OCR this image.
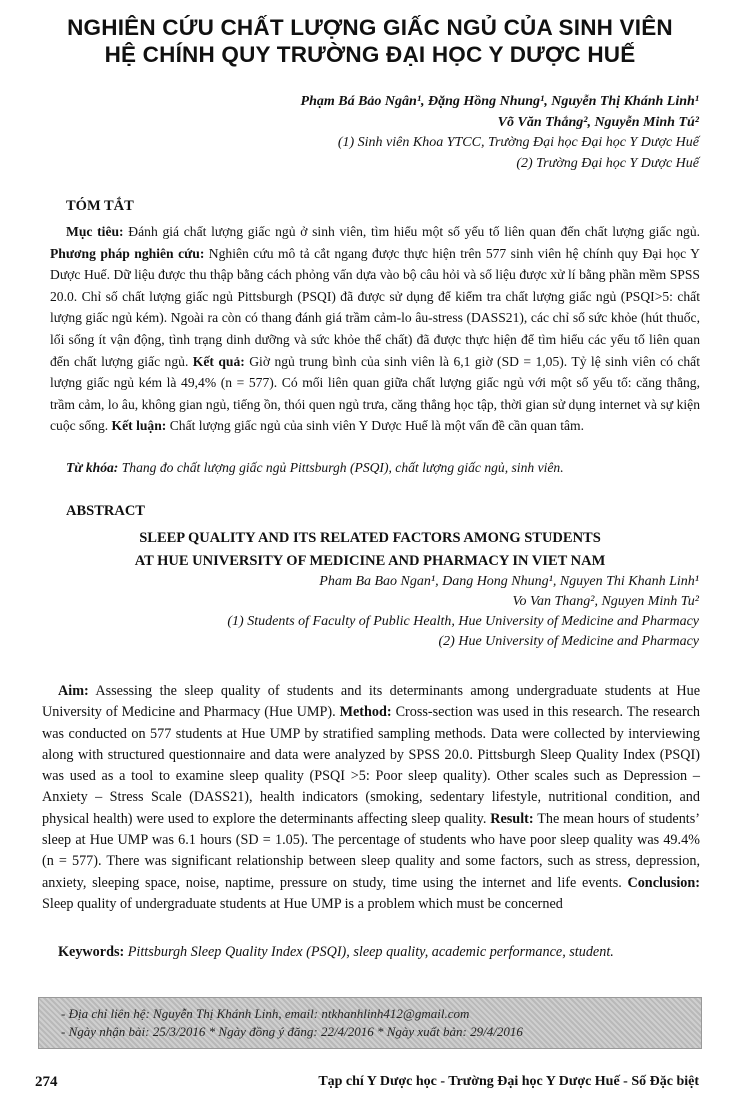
NGHIÊN CỨU CHẤT LƯỢNG GIẤC NGỦ CỦA SINH VIÊN
HỆ CHÍNH QUY TRƯỜNG ĐẠI HỌC Y DƯỢC HUẾ
Phạm Bá Bảo Ngân¹, Đặng Hồng Nhung¹, Nguyễn Thị Khánh Linh¹
Võ Văn Thắng², Nguyễn Minh Tú²
(1) Sinh viên Khoa YTCC, Trường Đại học Đại học Y Dược Huế
(2) Trường Đại học Y Dược Huế
TÓM TẮT
Mục tiêu: Đánh giá chất lượng giấc ngủ ở sinh viên, tìm hiểu một số yếu tố liên quan đến chất lượng giấc ngủ. Phương pháp nghiên cứu: Nghiên cứu mô tả cắt ngang được thực hiện trên 577 sinh viên hệ chính quy Đại học Y Dược Huế. Dữ liệu được thu thập bằng cách phỏng vấn dựa vào bộ câu hỏi và số liệu được xử lí bằng phần mềm SPSS 20.0. Chỉ số chất lượng giấc ngủ Pittsburgh (PSQI) đã được sử dụng để kiểm tra chất lượng giấc ngủ (PSQI>5: chất lượng giấc ngủ kém). Ngoài ra còn có thang đánh giá trầm cảm-lo âu-stress (DASS21), các chỉ số sức khỏe (hút thuốc, lối sống ít vận động, tình trạng dinh dưỡng và sức khỏe thể chất) đã được thực hiện để tìm hiểu các yếu tố liên quan đến chất lượng giấc ngủ. Kết quả: Giờ ngủ trung bình của sinh viên là 6,1 giờ (SD = 1,05). Tỷ lệ sinh viên có chất lượng giấc ngủ kém là 49,4% (n = 577). Có mối liên quan giữa chất lượng giấc ngủ với một số yếu tố: căng thẳng, trầm cảm, lo âu, không gian ngủ, tiếng ồn, thói quen ngủ trưa, căng thẳng học tập, thời gian sử dụng internet và sự kiện cuộc sống. Kết luận: Chất lượng giấc ngủ của sinh viên Y Dược Huế là một vấn đề cần quan tâm.
Từ khóa: Thang đo chất lượng giấc ngủ Pittsburgh (PSQI), chất lượng giấc ngủ, sinh viên.
ABSTRACT
SLEEP QUALITY AND ITS RELATED FACTORS AMONG STUDENTS
AT HUE UNIVERSITY OF MEDICINE AND PHARMACY IN VIET NAM
Pham Ba Bao Ngan¹, Dang Hong Nhung¹, Nguyen Thi Khanh Linh¹
Vo Van Thang², Nguyen Minh Tu²
(1) Students of Faculty of Public Health, Hue University of Medicine and Pharmacy
(2) Hue University of Medicine and Pharmacy
Aim: Assessing the sleep quality of students and its determinants among undergraduate students at Hue University of Medicine and Pharmacy (Hue UMP). Method: Cross-section was used in this research. The research was conducted on 577 students at Hue UMP by stratified sampling methods. Data were collected by interviewing along with structured questionnaire and data were analyzed by SPSS 20.0. Pittsburgh Sleep Quality Index (PSQI) was used as a tool to examine sleep quality (PSQI >5: Poor sleep quality). Other scales such as Depression – Anxiety – Stress Scale (DASS21), health indicators (smoking, sedentary lifestyle, nutritional condition, and physical health) were used to explore the determinants affecting sleep quality. Result: The mean hours of students’ sleep at Hue UMP was 6.1 hours (SD = 1.05). The percentage of students who have poor sleep quality was 49.4% (n = 577). There was significant relationship between sleep quality and some factors, such as stress, depression, anxiety, sleeping space, noise, naptime, pressure on study, time using the internet and life events. Conclusion: Sleep quality of undergraduate students at Hue UMP is a problem which must be concerned
Keywords: Pittsburgh Sleep Quality Index (PSQI), sleep quality, academic performance, student.
- Địa chỉ liên hệ: Nguyễn Thị Khánh Linh, email: ntkhanhlinh412@gmail.com
- Ngày nhận bài: 25/3/2016 * Ngày đồng ý đăng: 22/4/2016 * Ngày xuất bản: 29/4/2016
274	Tạp chí Y Dược học - Trường Đại học Y Dược Huế - Số Đặc biệt
